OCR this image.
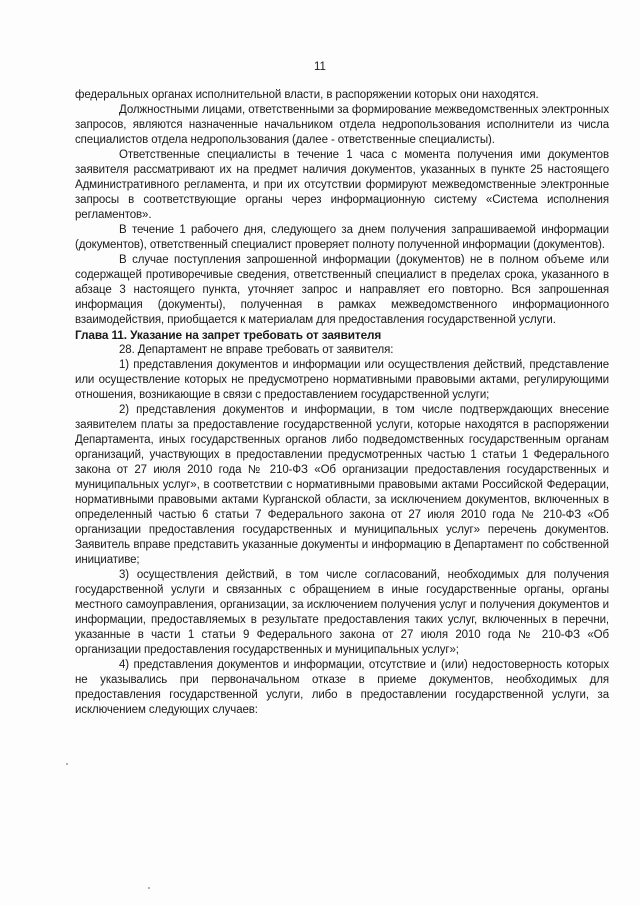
11

федеральных органах исполнительной власти, в распоряжении которых они находятся.

Должностными лицами, ответственными за формирование межведомственных электронных запросов, являются назначенные начальником отдела недропользования исполнители из числа специалистов отдела недропользования (далее - ответственные специалисты).

Ответственные специалисты в течение 1 часа с момента получения ими документов заявителя рассматривают их на предмет наличия документов, указанных в пункте 25 настоящего Административного регламента, и при их отсутствии формируют межведомственные электронные запросы в соответствующие органы через информационную систему «Система исполнения регламентов».

В течение 1 рабочего дня, следующего за днем получения запрашиваемой информации (документов), ответственный специалист проверяет полноту полученной информации (документов).

В случае поступления запрошенной информации (документов) не в полном объеме или содержащей противоречивые сведения, ответственный специалист в пределах срока, указанного в абзаце 3 настоящего пункта, уточняет запрос и направляет его повторно. Вся запрошенная информация (документы), полученная в рамках межведомственного информационного взаимодействия, приобщается к материалам для предоставления государственной услуги.

Глава 11. Указание на запрет требовать от заявителя

28. Департамент не вправе требовать от заявителя:

1) представления документов и информации или осуществления действий, представление или осуществление которых не предусмотрено нормативными правовыми актами, регулирующими отношения, возникающие в связи с предоставлением государственной услуги;

2) представления документов и информации, в том числе подтверждающих внесение заявителем платы за предоставление государственной услуги, которые находятся в распоряжении Департамента, иных государственных органов либо подведомственных государственным органам организаций, участвующих в предоставлении предусмотренных частью 1 статьи 1 Федерального закона от 27 июля 2010 года № 210-ФЗ «Об организации предоставления государственных и муниципальных услуг», в соответствии с нормативными правовыми актами Российской Федерации, нормативными правовыми актами Курганской области, за исключением документов, включенных в определенный частью 6 статьи 7 Федерального закона от 27 июля 2010 года № 210-ФЗ «Об организации предоставления государственных и муниципальных услуг» перечень документов. Заявитель вправе представить указанные документы и информацию в Департамент по собственной инициативе;

3) осуществления действий, в том числе согласований, необходимых для получения государственной услуги и связанных с обращением в иные государственные органы, органы местного самоуправления, организации, за исключением получения услуг и получения документов и информации, предоставляемых в результате предоставления таких услуг, включенных в перечни, указанные в части 1 статьи 9 Федерального закона от 27 июля 2010 года № 210-ФЗ «Об организации предоставления государственных и муниципальных услуг»;

4) представления документов и информации, отсутствие и (или) недостоверность которых не указывались при первоначальном отказе в приеме документов, необходимых для предоставления государственной услуги, либо в предоставлении государственной услуги, за исключением следующих случаев:
